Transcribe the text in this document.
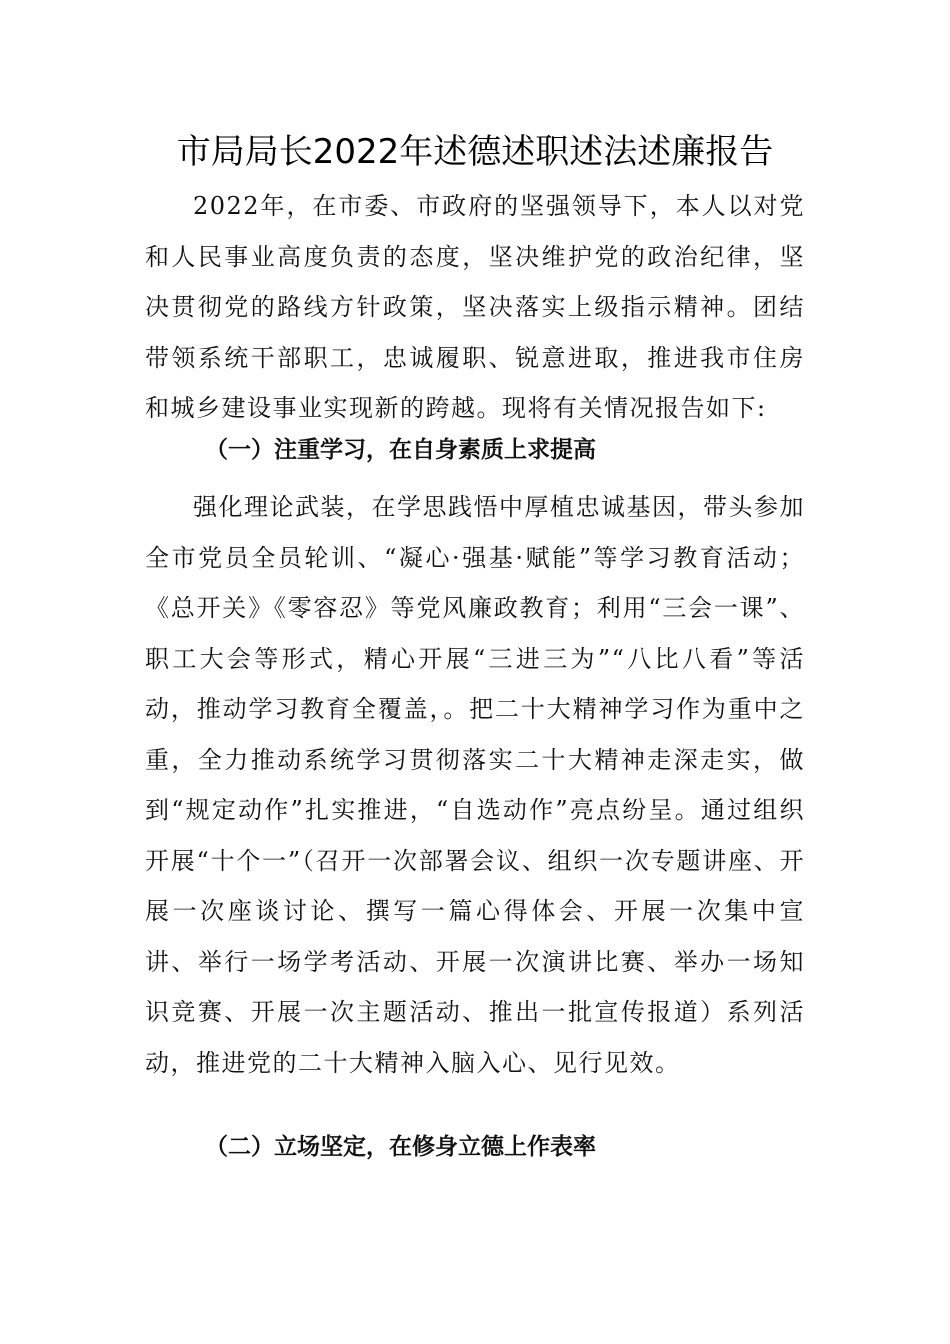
市局局长2022年述德述职述法述廉报告
2022年，在市委、市政府的坚强领导下，本人以对党和人民事业高度负责的态度，坚决维护党的政治纪律，坚决贯彻党的路线方针政策，坚决落实上级指示精神。团结带领系统干部职工，忠诚履职、锐意进取，推进我市住房和城乡建设事业实现新的跨越。现将有关情况报告如下:
（一）注重学习，在自身素质上求提高
强化理论武装，在学思践悟中厚植忠诚基因，带头参加全市党员全员轮训、“凝心·强基·赋能”等学习教育活动；《总开关》《零容忍》等党风廉政教育；利用“三会一课”、职工大会等形式，精心开展“三进三为”“八比八看”等活动，推动学习教育全覆盖，。把二十大精神学习作为重中之重，全力推动系统学习贯彻落实二十大精神走深走实，做到“规定动作”扎实推进，“自选动作”亮点纷呈。通过组织开展“十个一”（召开一次部署会议、组织一次专题讲座、开展一次座谈讨论、撰写一篇心得体会、开展一次集中宣讲、举行一场学考活动、开展一次演讲比赛、举办一场知识竞赛、开展一次主题活动、推出一批宣传报道）系列活动，推进党的二十大精神入脑入心、见行见效。
（二）立场坚定，在修身立德上作表率
